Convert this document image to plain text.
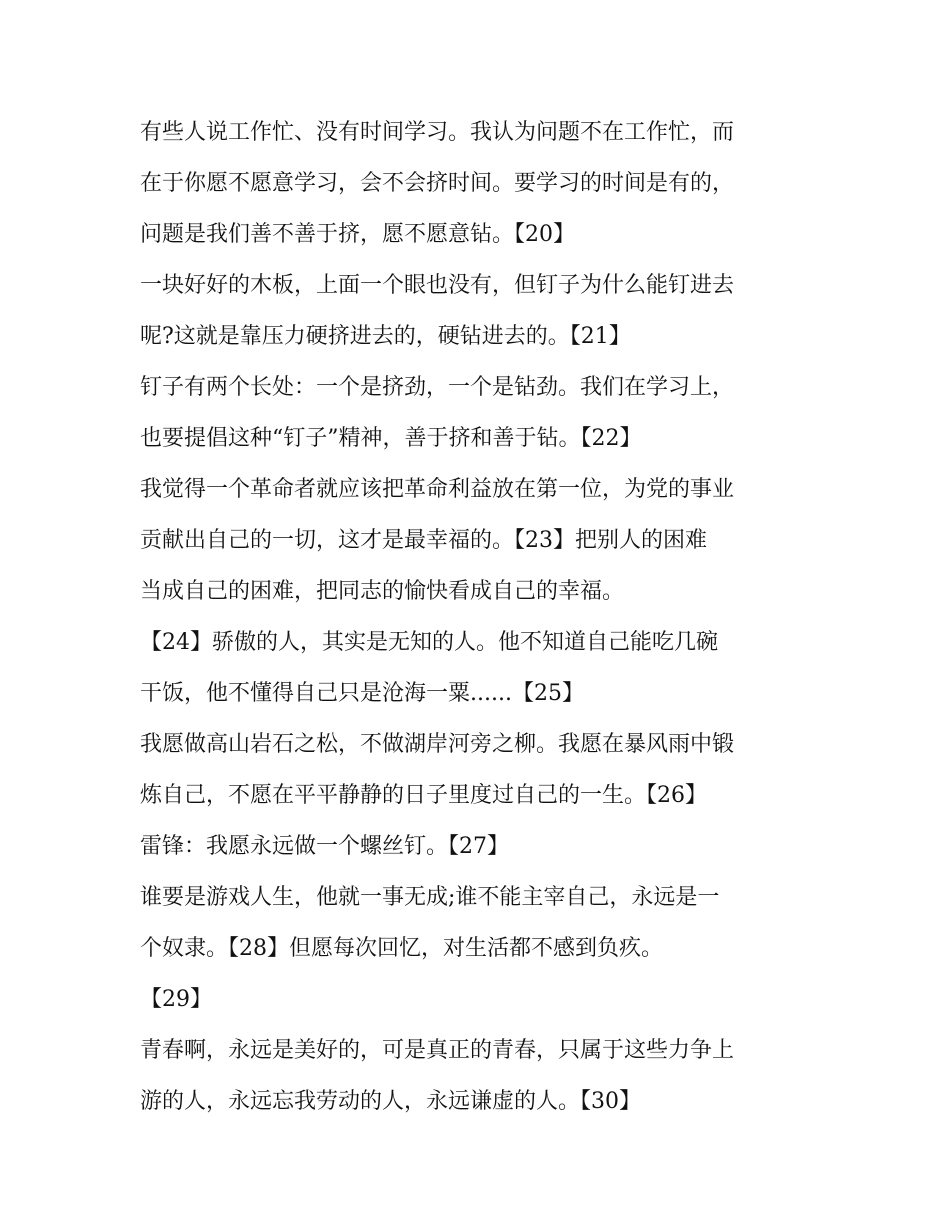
有些人说工作忙、没有时间学习。我认为问题不在工作忙，而
在于你愿不愿意学习，会不会挤时间。要学习的时间是有的，
问题是我们善不善于挤，愿不愿意钻。【20】
一块好好的木板，上面一个眼也没有，但钉子为什么能钉进去
呢?这就是靠压力硬挤进去的，硬钻进去的。【21】
钉子有两个长处：一个是挤劲，一个是钻劲。我们在学习上，
也要提倡这种“钉子”精神，善于挤和善于钻。【22】
我觉得一个革命者就应该把革命利益放在第一位，为党的事业
贡献出自己的一切，这才是最幸福的。【23】把别人的困难
当成自己的困难，把同志的愉快看成自己的幸福。
【24】骄傲的人，其实是无知的人。他不知道自己能吃几碗
干饭，他不懂得自己只是沧海一粟......【25】
我愿做高山岩石之松，不做湖岸河旁之柳。我愿在暴风雨中锻
炼自己，不愿在平平静静的日子里度过自己的一生。【26】
雷锋：我愿永远做一个螺丝钉。【27】
谁要是游戏人生，他就一事无成;谁不能主宰自己，永远是一
个奴隶。【28】但愿每次回忆，对生活都不感到负疚。
【29】
青春啊，永远是美好的，可是真正的青春，只属于这些力争上
游的人，永远忘我劳动的人，永远谦虚的人。【30】
